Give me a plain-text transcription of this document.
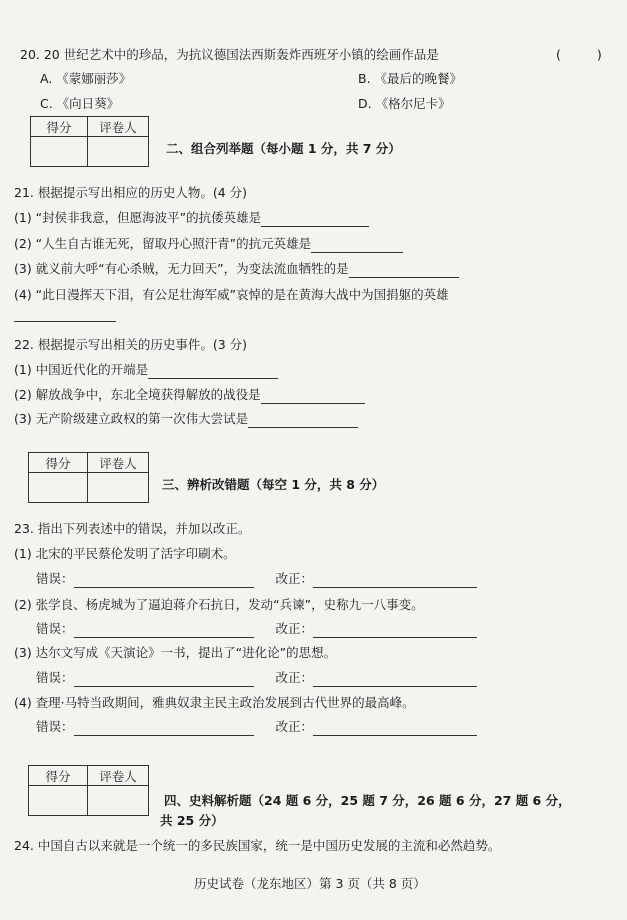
20. 20 世纪艺术中的珍品，为抗议德国法西斯轰炸西班牙小镇的绘画作品是	(	)
A. 《蒙娜丽莎》	B. 《最后的晚餐》
C. 《向日葵》	D. 《格尔尼卡》
得分	评卷人

二、组合列举题（每小题 1 分，共 7 分）
21. 根据提示写出相应的历史人物。(4 分)
(1) “封侯非我意，但愿海波平”的抗倭英雄是
(2) “人生自古谁无死，留取丹心照汗青”的抗元英雄是
(3) 就义前大呼“有心杀贼，无力回天”，为变法流血牺牲的是
(4) “此日漫挥天下泪，有公足壮海军威”哀悼的是在黄海大战中为国捐躯的英雄
22. 根据提示写出相关的历史事件。(3 分)
(1) 中国近代化的开端是
(2) 解放战争中，东北全境获得解放的战役是
(3) 无产阶级建立政权的第一次伟大尝试是
得分	评卷人

三、辨析改错题（每空 1 分，共 8 分）
23. 指出下列表述中的错误，并加以改正。
(1) 北宋的平民蔡伦发明了活字印刷术。
错误：	改正：
(2) 张学良、杨虎城为了逼迫蒋介石抗日，发动“兵谏”，史称九一八事变。
错误：	改正：
(3) 达尔文写成《天演论》一书，提出了“进化论”的思想。
错误：	改正：
(4) 查理·马特当政期间，雅典奴隶主民主政治发展到古代世界的最高峰。
错误：	改正：
得分	评卷人

四、史料解析题（24 题 6 分，25 题 7 分，26 题 6 分，27 题 6 分，
共 25 分）
24. 中国自古以来就是一个统一的多民族国家，统一是中国历史发展的主流和必然趋势。
历史试卷（龙东地区）第 3 页（共 8 页）
